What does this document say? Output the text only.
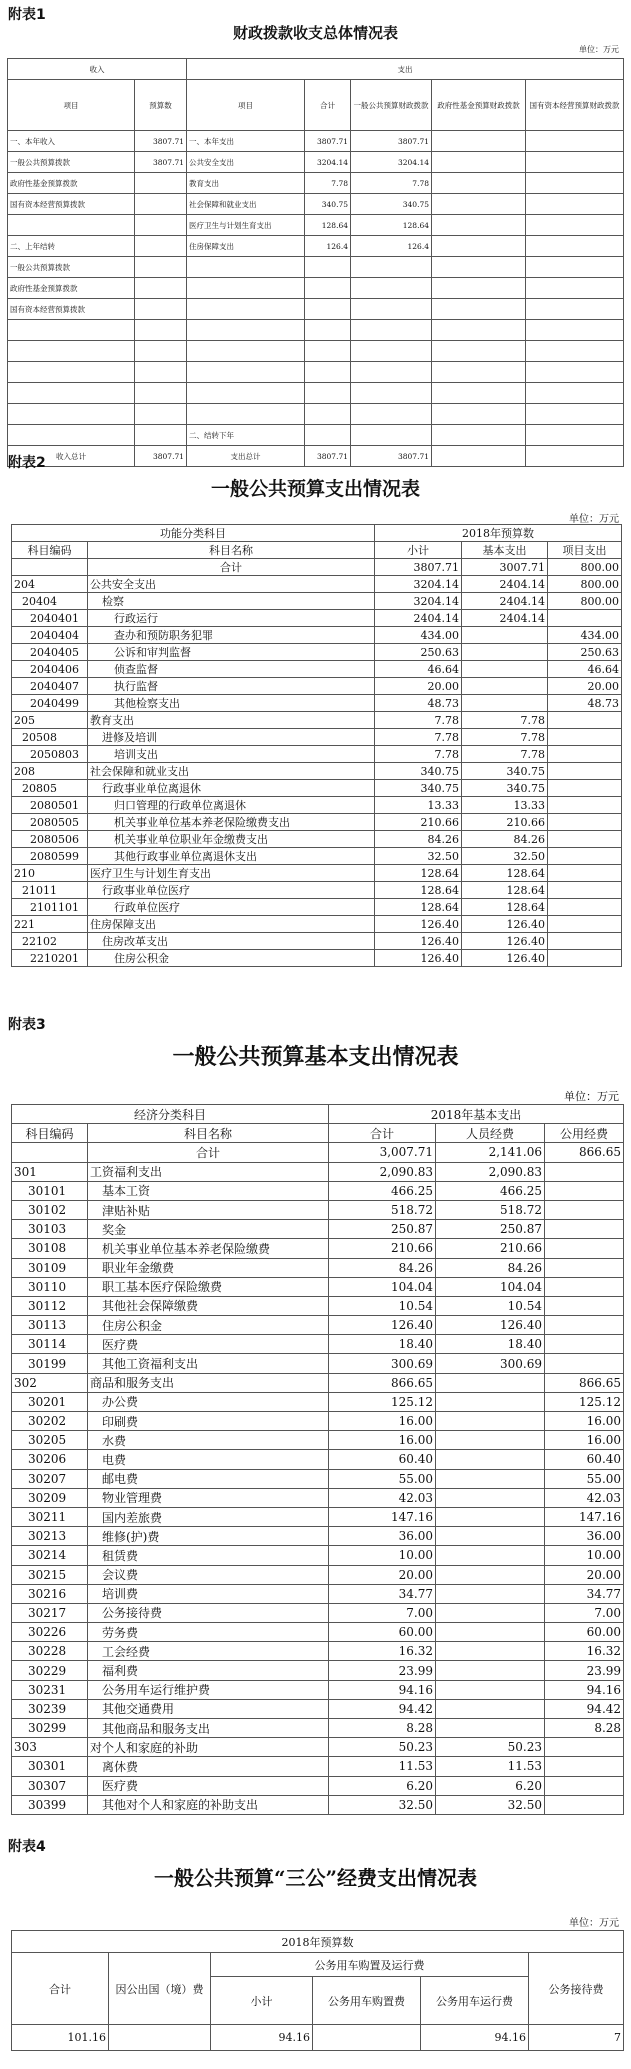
附表1
财政拨款收支总体情况表
单位：万元
收入		支出				
项目	预算数	项目	合计	一般公共预算财政拨款	政府性基金预算财政拨款	国有资本经营预算财政拨款
一、本年收入	3807.71	一、本年支出	3807.71	3807.71		
一般公共预算拨款	3807.71	公共安全支出	3204.14	3204.14		
政府性基金预算拨款		教育支出	7.78	7.78		
国有资本经营预算拨款		社会保障和就业支出	340.75	340.75		
		医疗卫生与计划生育支出	128.64	128.64		
二、上年结转		住房保障支出	126.4	126.4		
一般公共预算拨款						
政府性基金预算拨款						
国有资本经营预算拨款						

		二、结转下年				
收入总计	3807.71	支出总计	3807.71	3807.71		
附表2
一般公共预算支出情况表
单位：万元
功能分类科目		2018年预算数		
科目编码	科目名称	小计	基本支出	项目支出
	合计	3807.71	3007.71	800.00
204	公共安全支出	3204.14	2404.14	800.00
20404	检察	3204.14	2404.14	800.00
2040401	行政运行	2404.14	2404.14	
2040404	查办和预防职务犯罪	434.00		434.00
2040405	公诉和审判监督	250.63		250.63
2040406	侦查监督	46.64		46.64
2040407	执行监督	20.00		20.00
2040499	其他检察支出	48.73		48.73
205	教育支出	7.78	7.78	
20508	进修及培训	7.78	7.78	
2050803	培训支出	7.78	7.78	
208	社会保障和就业支出	340.75	340.75	
20805	行政事业单位离退休	340.75	340.75	
2080501	归口管理的行政单位离退休	13.33	13.33	
2080505	机关事业单位基本养老保险缴费支出	210.66	210.66	
2080506	机关事业单位职业年金缴费支出	84.26	84.26	
2080599	其他行政事业单位离退休支出	32.50	32.50	
210	医疗卫生与计划生育支出	128.64	128.64	
21011	行政事业单位医疗	128.64	128.64	
2101101	行政单位医疗	128.64	128.64	
221	住房保障支出	126.40	126.40	
22102	住房改革支出	126.40	126.40	
2210201	住房公积金	126.40	126.40	
附表3
一般公共预算基本支出情况表
单位：万元
经济分类科目		2018年基本支出		
科目编码	科目名称	合计	人员经费	公用经费
	合计	3,007.71	2,141.06	866.65
301	工资福利支出	2,090.83	2,090.83	
30101	基本工资	466.25	466.25	
30102	津贴补贴	518.72	518.72	
30103	奖金	250.87	250.87	
30108	机关事业单位基本养老保险缴费	210.66	210.66	
30109	职业年金缴费	84.26	84.26	
30110	职工基本医疗保险缴费	104.04	104.04	
30112	其他社会保障缴费	10.54	10.54	
30113	住房公积金	126.40	126.40	
30114	医疗费	18.40	18.40	
30199	其他工资福利支出	300.69	300.69	
302	商品和服务支出	866.65		866.65
30201	办公费	125.12		125.12
30202	印刷费	16.00		16.00
30205	水费	16.00		16.00
30206	电费	60.40		60.40
30207	邮电费	55.00		55.00
30209	物业管理费	42.03		42.03
30211	国内差旅费	147.16		147.16
30213	维修(护)费	36.00		36.00
30214	租赁费	10.00		10.00
30215	会议费	20.00		20.00
30216	培训费	34.77		34.77
30217	公务接待费	7.00		7.00
30226	劳务费	60.00		60.00
30228	工会经费	16.32		16.32
30229	福利费	23.99		23.99
30231	公务用车运行维护费	94.16		94.16
30239	其他交通费用	94.42		94.42
30299	其他商品和服务支出	8.28		8.28
303	对个人和家庭的补助	50.23	50.23	
30301	离休费	11.53	11.53	
30307	医疗费	6.20	6.20	
30399	其他对个人和家庭的补助支出	32.50	32.50	
附表4
一般公共预算“三公”经费支出情况表
单位：万元
2018年预算数					
合计	因公出国（境）费	公务用车购置及运行费			公务接待费
		小计	公务用车购置费	公务用车运行费	
101.16		94.16		94.16	7
